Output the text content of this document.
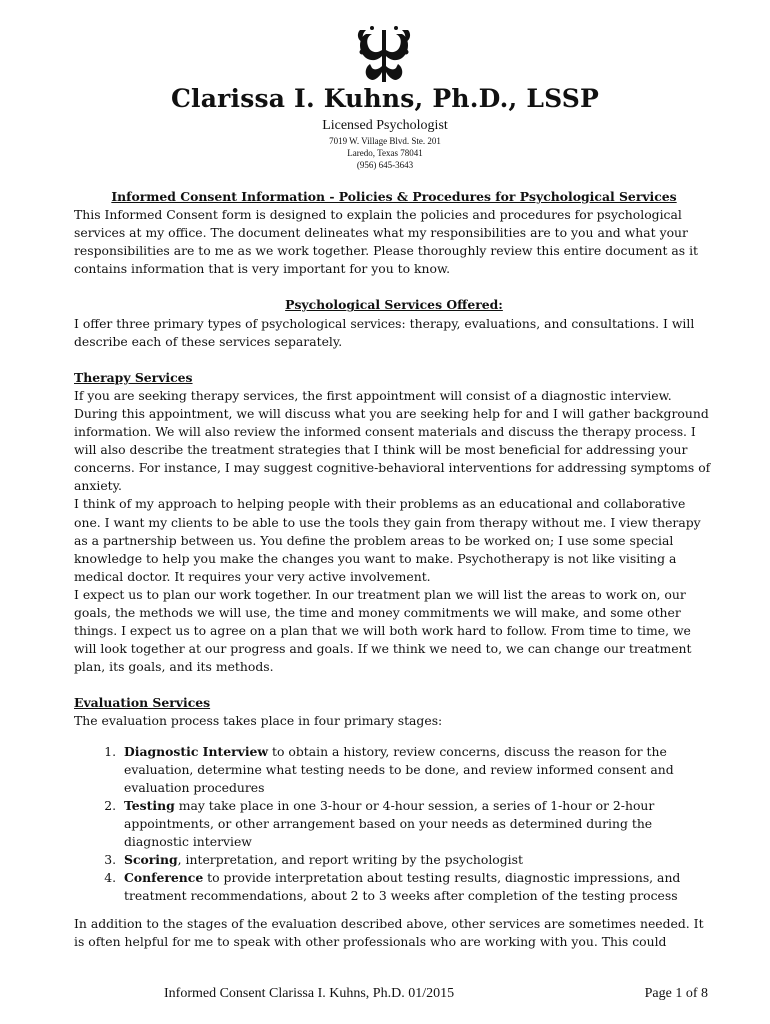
Clarissa I. Kuhns, Ph.D., LSSP
Licensed Psychologist
7019 W. Village Blvd. Ste. 201
Laredo, Texas 78041
(956) 645-3643

Informed Consent Information - Policies & Procedures for Psychological Services

This Informed Consent form is designed to explain the policies and procedures for psychological services at my office. The document delineates what my responsibilities are to you and what your responsibilities are to me as we work together. Please thoroughly review this entire document as it contains information that is very important for you to know.

Psychological Services Offered:

I offer three primary types of psychological services: therapy, evaluations, and consultations. I will describe each of these services separately.

Therapy Services

If you are seeking therapy services, the first appointment will consist of a diagnostic interview. During this appointment, we will discuss what you are seeking help for and I will gather background information. We will also review the informed consent materials and discuss the therapy process. I will also describe the treatment strategies that I think will be most beneficial for addressing your concerns. For instance, I may suggest cognitive-behavioral interventions for addressing symptoms of anxiety.

I think of my approach to helping people with their problems as an educational and collaborative one. I want my clients to be able to use the tools they gain from therapy without me. I view therapy as a partnership between us. You define the problem areas to be worked on; I use some special knowledge to help you make the changes you want to make. Psychotherapy is not like visiting a medical doctor. It requires your very active involvement.

I expect us to plan our work together. In our treatment plan we will list the areas to work on, our goals, the methods we will use, the time and money commitments we will make, and some other things. I expect us to agree on a plan that we will both work hard to follow. From time to time, we will look together at our progress and goals. If we think we need to, we can change our treatment plan, its goals, and its methods.

Evaluation Services

The evaluation process takes place in four primary stages:

1. Diagnostic Interview to obtain a history, review concerns, discuss the reason for the evaluation, determine what testing needs to be done, and review informed consent and evaluation procedures
2. Testing may take place in one 3-hour or 4-hour session, a series of 1-hour or 2-hour appointments, or other arrangement based on your needs as determined during the diagnostic interview
3. Scoring, interpretation, and report writing by the psychologist
4. Conference to provide interpretation about testing results, diagnostic impressions, and treatment recommendations, about 2 to 3 weeks after completion of the testing process

In addition to the stages of the evaluation described above, other services are sometimes needed. It is often helpful for me to speak with other professionals who are working with you. This could

Informed Consent Clarissa I. Kuhns, Ph.D. 01/2015	Page 1 of 8
